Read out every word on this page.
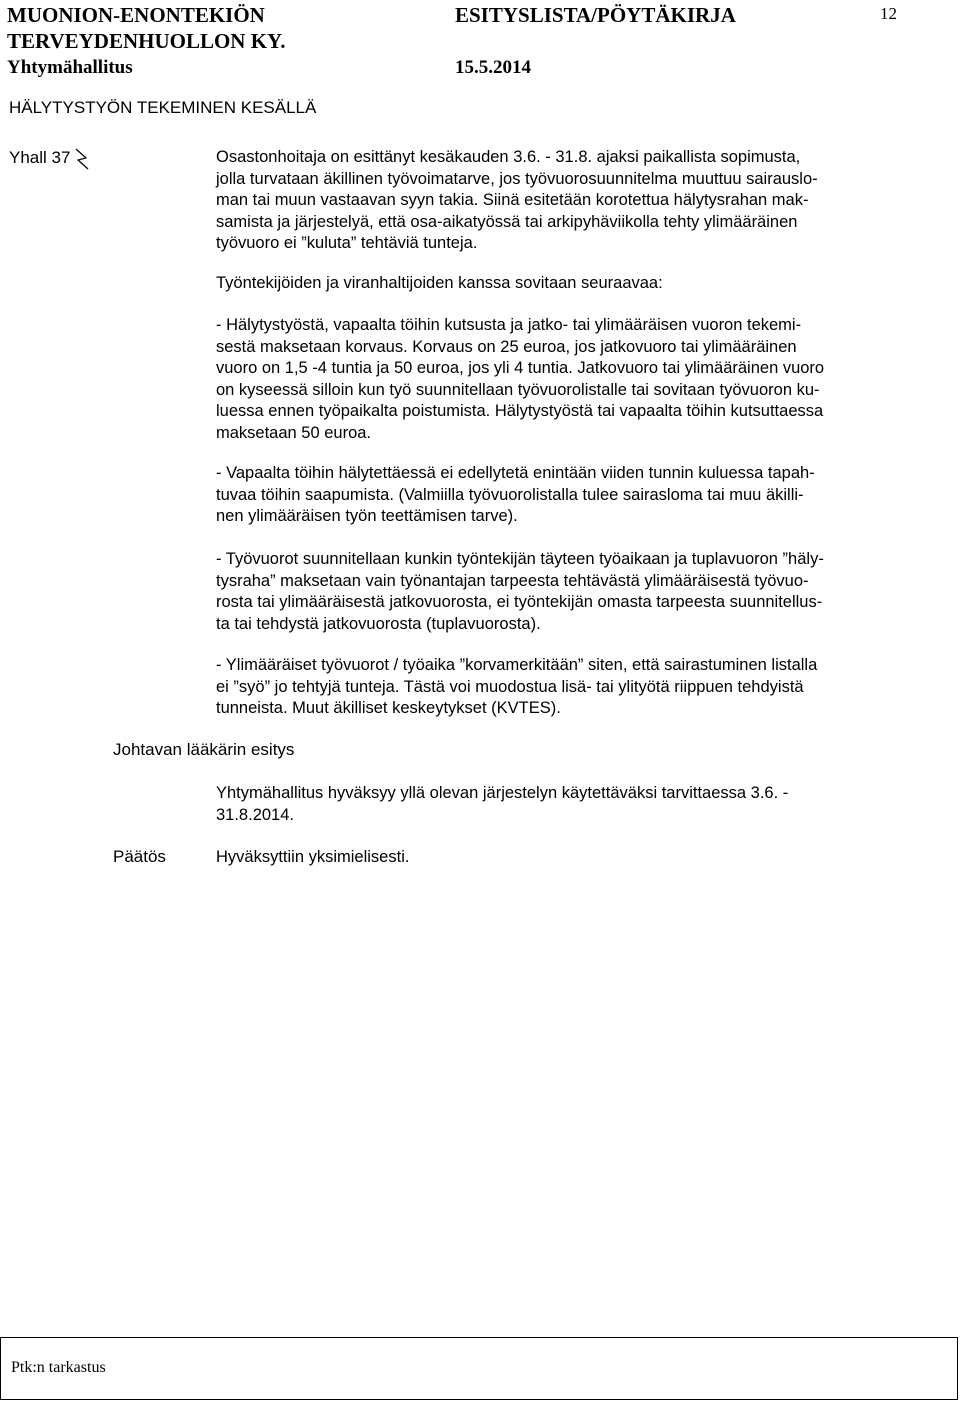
MUONION-ENONTEKIÖN
TERVEYDENHUOLLON KY.
Yhtymähallitus
ESITYSLISTA/PÖYTÄKIRJA
15.5.2014
12
HÄLYTYSTYÖN TEKEMINEN KESÄLLÄ
Yhall 37	Osastonhoitaja on esittänyt kesäkauden 3.6. - 31.8. ajaksi paikallista sopimusta,

jolla turvataan äkillinen työvoimatarve, jos työvuorosuunnitelma muuttuu sairauslo-

man tai muun vastaavan syyn takia. Siinä esitetään korotettua hälytysrahan mak-

samista ja järjestelyä, että osa-aikatyössä tai arkipyhäviikolla tehty ylimääräinen

työvuoro ei ”kuluta” tehtäviä tunteja.

Työntekijöiden ja viranhaltijoiden kanssa sovitaan seuraavaa:

- Hälytystyöstä, vapaalta töihin kutsusta ja jatko- tai ylimääräisen vuoron tekemi-

sestä maksetaan korvaus. Korvaus on 25 euroa, jos jatkovuoro tai ylimääräinen

vuoro on 1,5 -4 tuntia ja 50 euroa, jos yli 4 tuntia. Jatkovuoro tai ylimääräinen vuoro

on kyseessä silloin kun työ suunnitellaan työvuorolistalle tai sovitaan työvuoron ku-

luessa ennen työpaikalta poistumista. Hälytystyöstä tai vapaalta töihin kutsuttaessa

maksetaan 50 euroa.

- Vapaalta töihin hälytettäessä ei edellytetä enintään viiden tunnin kuluessa tapah-

tuvaa töihin saapumista. (Valmiilla työvuorolistalla tulee sairasloma tai muu äkilli-

nen ylimääräisen työn teettämisen tarve).

- Työvuorot suunnitellaan kunkin työntekijän täyteen työaikaan ja tuplavuoron ”häly-

tysraha” maksetaan vain työnantajan tarpeesta tehtävästä ylimääräisestä työvuo-

rosta tai ylimääräisestä jatkovuorosta, ei työntekijän omasta tarpeesta suunnitellus-

ta tai tehdystä jatkovuorosta (tuplavuorosta).

- Ylimääräiset työvuorot / työaika ”korvamerkitään” siten, että sairastuminen listalla

ei ”syö” jo tehtyjä tunteja. Tästä voi muodostua lisä- tai ylityötä riippuen tehdyistä

tunneista. Muut äkilliset keskeytykset (KVTES).

Johtavan lääkärin esitys

Yhtymähallitus hyväksyy yllä olevan järjestelyn käytettäväksi tarvittaessa 3.6. -

31.8.2014.

Päätös	Hyväksyttiin yksimielisesti.

Ptk:n tarkastus
